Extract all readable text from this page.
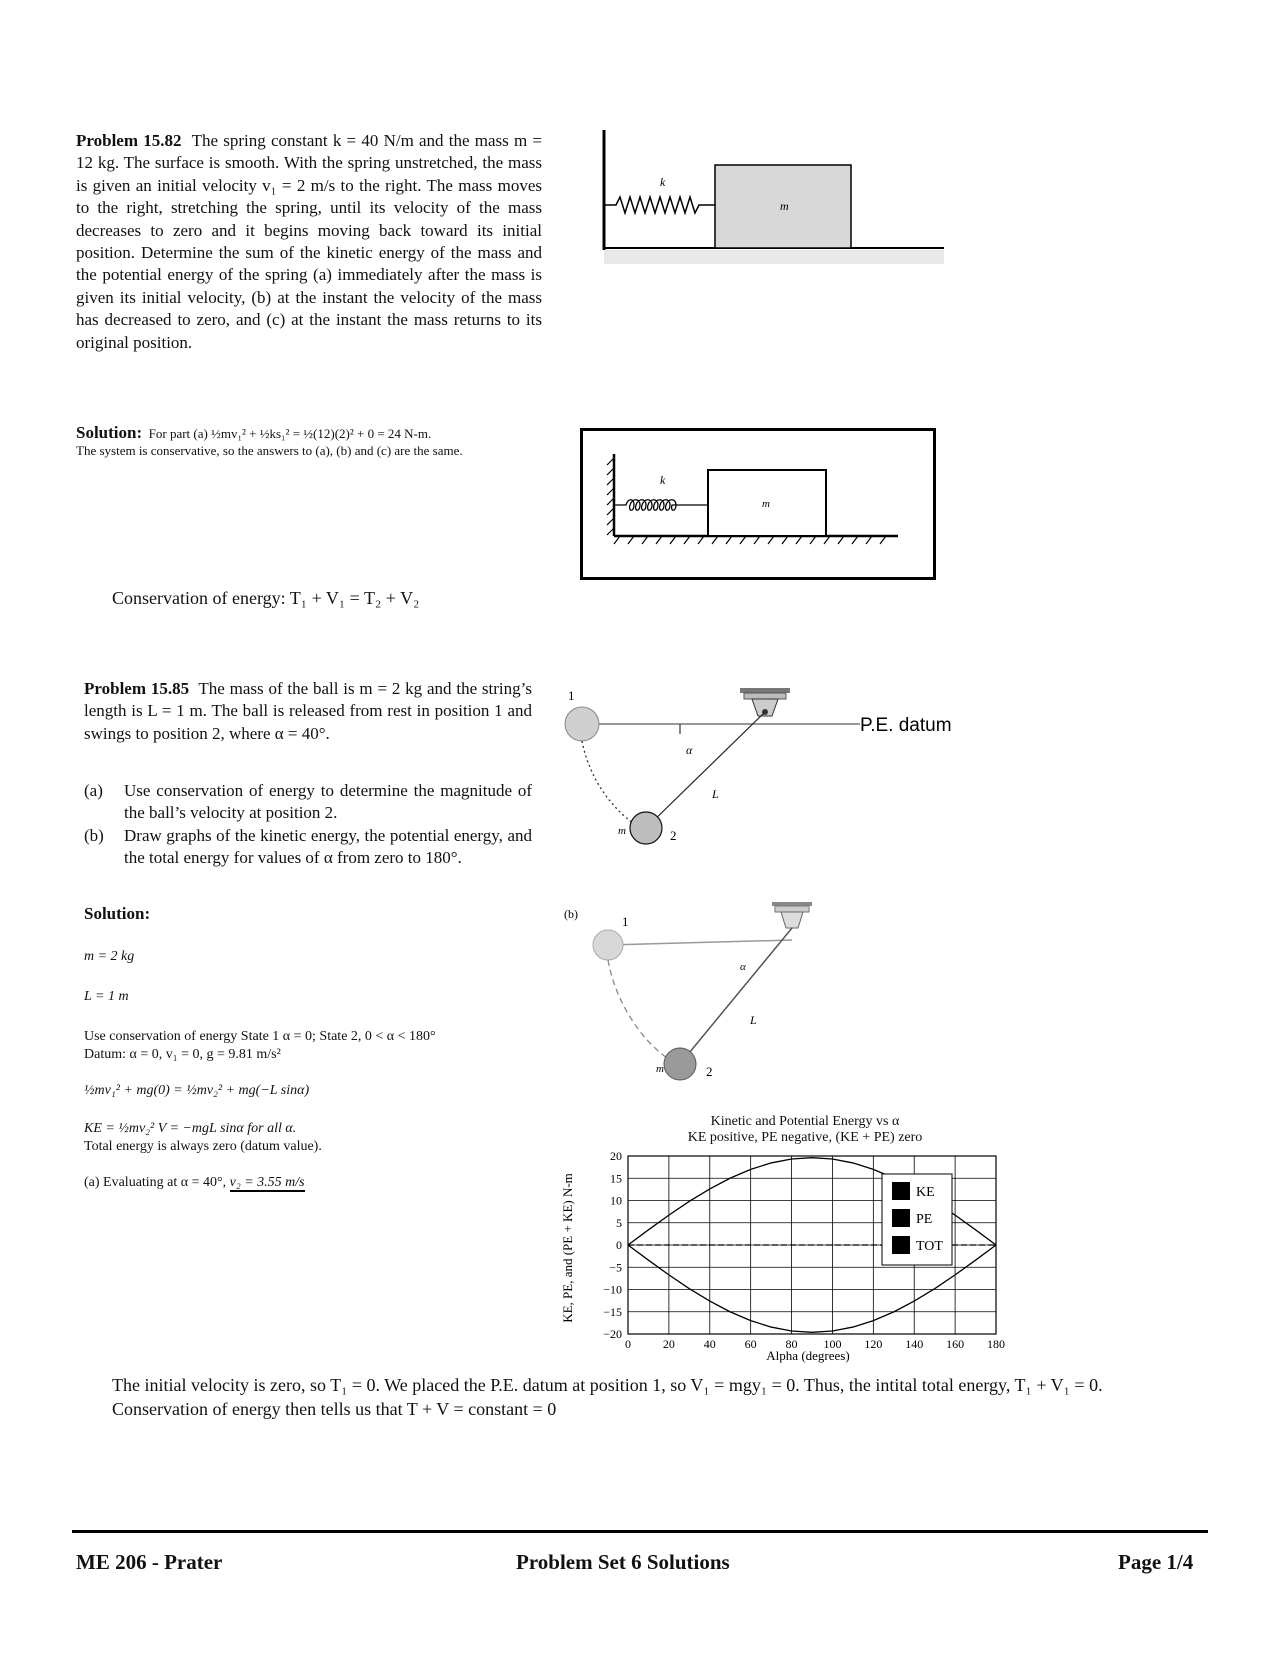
Problem 15.82 The spring constant k = 40 N/m and the mass m = 12 kg. The surface is smooth. With the spring unstretched, the mass is given an initial velocity v₁ = 2 m/s to the right. The mass moves to the right, stretching the spring, until its velocity of the mass decreases to zero and it begins moving back toward its initial position. Determine the sum of the kinetic energy of the mass and the potential energy of the spring (a) immediately after the mass is given its initial velocity, (b) at the instant the velocity of the mass has decreased to zero, and (c) at the instant the mass returns to its original position.
k
m
Solution: For part (a) ½mv₁² + ½ks₁² = ½(12)(2)² + 0 = 24 N-m.
The system is conservative, so the answers to (a), (b) and (c) are the same.
k
m
Conservation of energy: T₁ + V₁ = T₂ + V₂
Problem 15.85 The mass of the ball is m = 2 kg and the string’s length is L = 1 m. The ball is released from rest in position 1 and swings to position 2, where α = 40°.
(a)	Use conservation of energy to determine the magnitude of the ball’s velocity at position 2.
(b)	Draw graphs of the kinetic energy, the potential energy, and the total energy for values of α from zero to 180°.
1
2
α
L
m
P.E. datum
(b)	1
2
α
L
m
Solution:
m = 2 kg
L = 1 m
Use conservation of energy State 1 α = 0; State 2, 0 < α < 180°
Datum: α = 0, v₁ = 0, g = 9.81 m/s²
½mv₁² + mg(0) = ½mv₂² + mg(−L sinα)
KE = ½mv₂² V = −mgL sinα for all α.
Total energy is always zero (datum value).
(a) Evaluating at α = 40°, v₂ = 3.55 m/s
Kinetic and Potential Energy vs α
KE positive, PE negative, (KE + PE) zero
20
15
10
5
0
−5
−10
−15
−20
0	20 40 60 80 100 120 140 160 180
KE, PE, and (PE + KE) N-m
Alpha (degrees)
KE
PE
TOT
The initial velocity is zero, so T₁ = 0. We placed the P.E. datum at position 1, so V₁ = mgy₁ = 0. Thus, the intital total energy, T₁ + V₁ = 0. Conservation of energy then tells us that T + V = constant = 0
ME 206 - Prater	Problem Set 6 Solutions	Page 1/4
